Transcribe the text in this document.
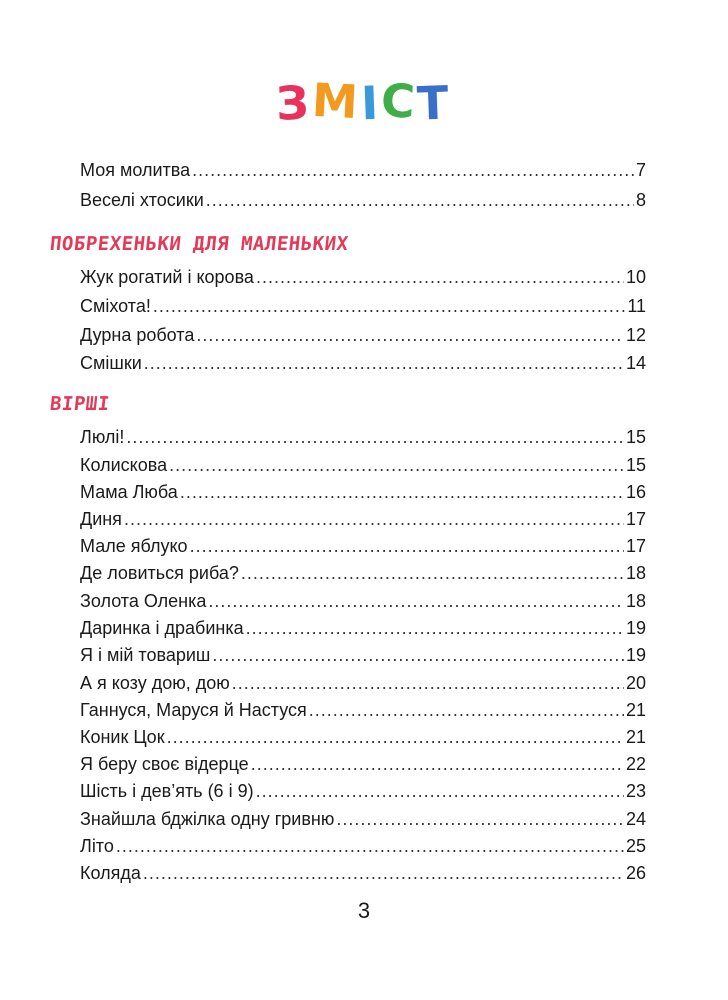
ЗМІСТ
Моя молитва .....	7
Веселі хтосики .....	8
ПОБРЕХЕНЬКИ ДЛЯ МАЛЕНЬКИХ
Жук рогатий і корова .....	10
Сміхота! .....	11
Дурна робота .....	12
Смішки .....	14
ВІРШІ
Люлі! .....	15
Колискова .....	15
Мама Люба .....	16
Диня .....	17
Мале яблуко .....	17
Де ловиться риба? .....	18
Золота Оленка .....	18
Даринка і драбинка .....	19
Я і мій товариш .....	19
А я козу дою, дою .....	20
Ганнуся, Маруся й Настуся .....	21
Коник Цок .....	21
Я беру своє відерце .....	22
Шість і дев’ять (6 і 9) .....	23
Знайшла бджілка одну гривню .....	24
Літо .....	25
Коляда .....	26

3
